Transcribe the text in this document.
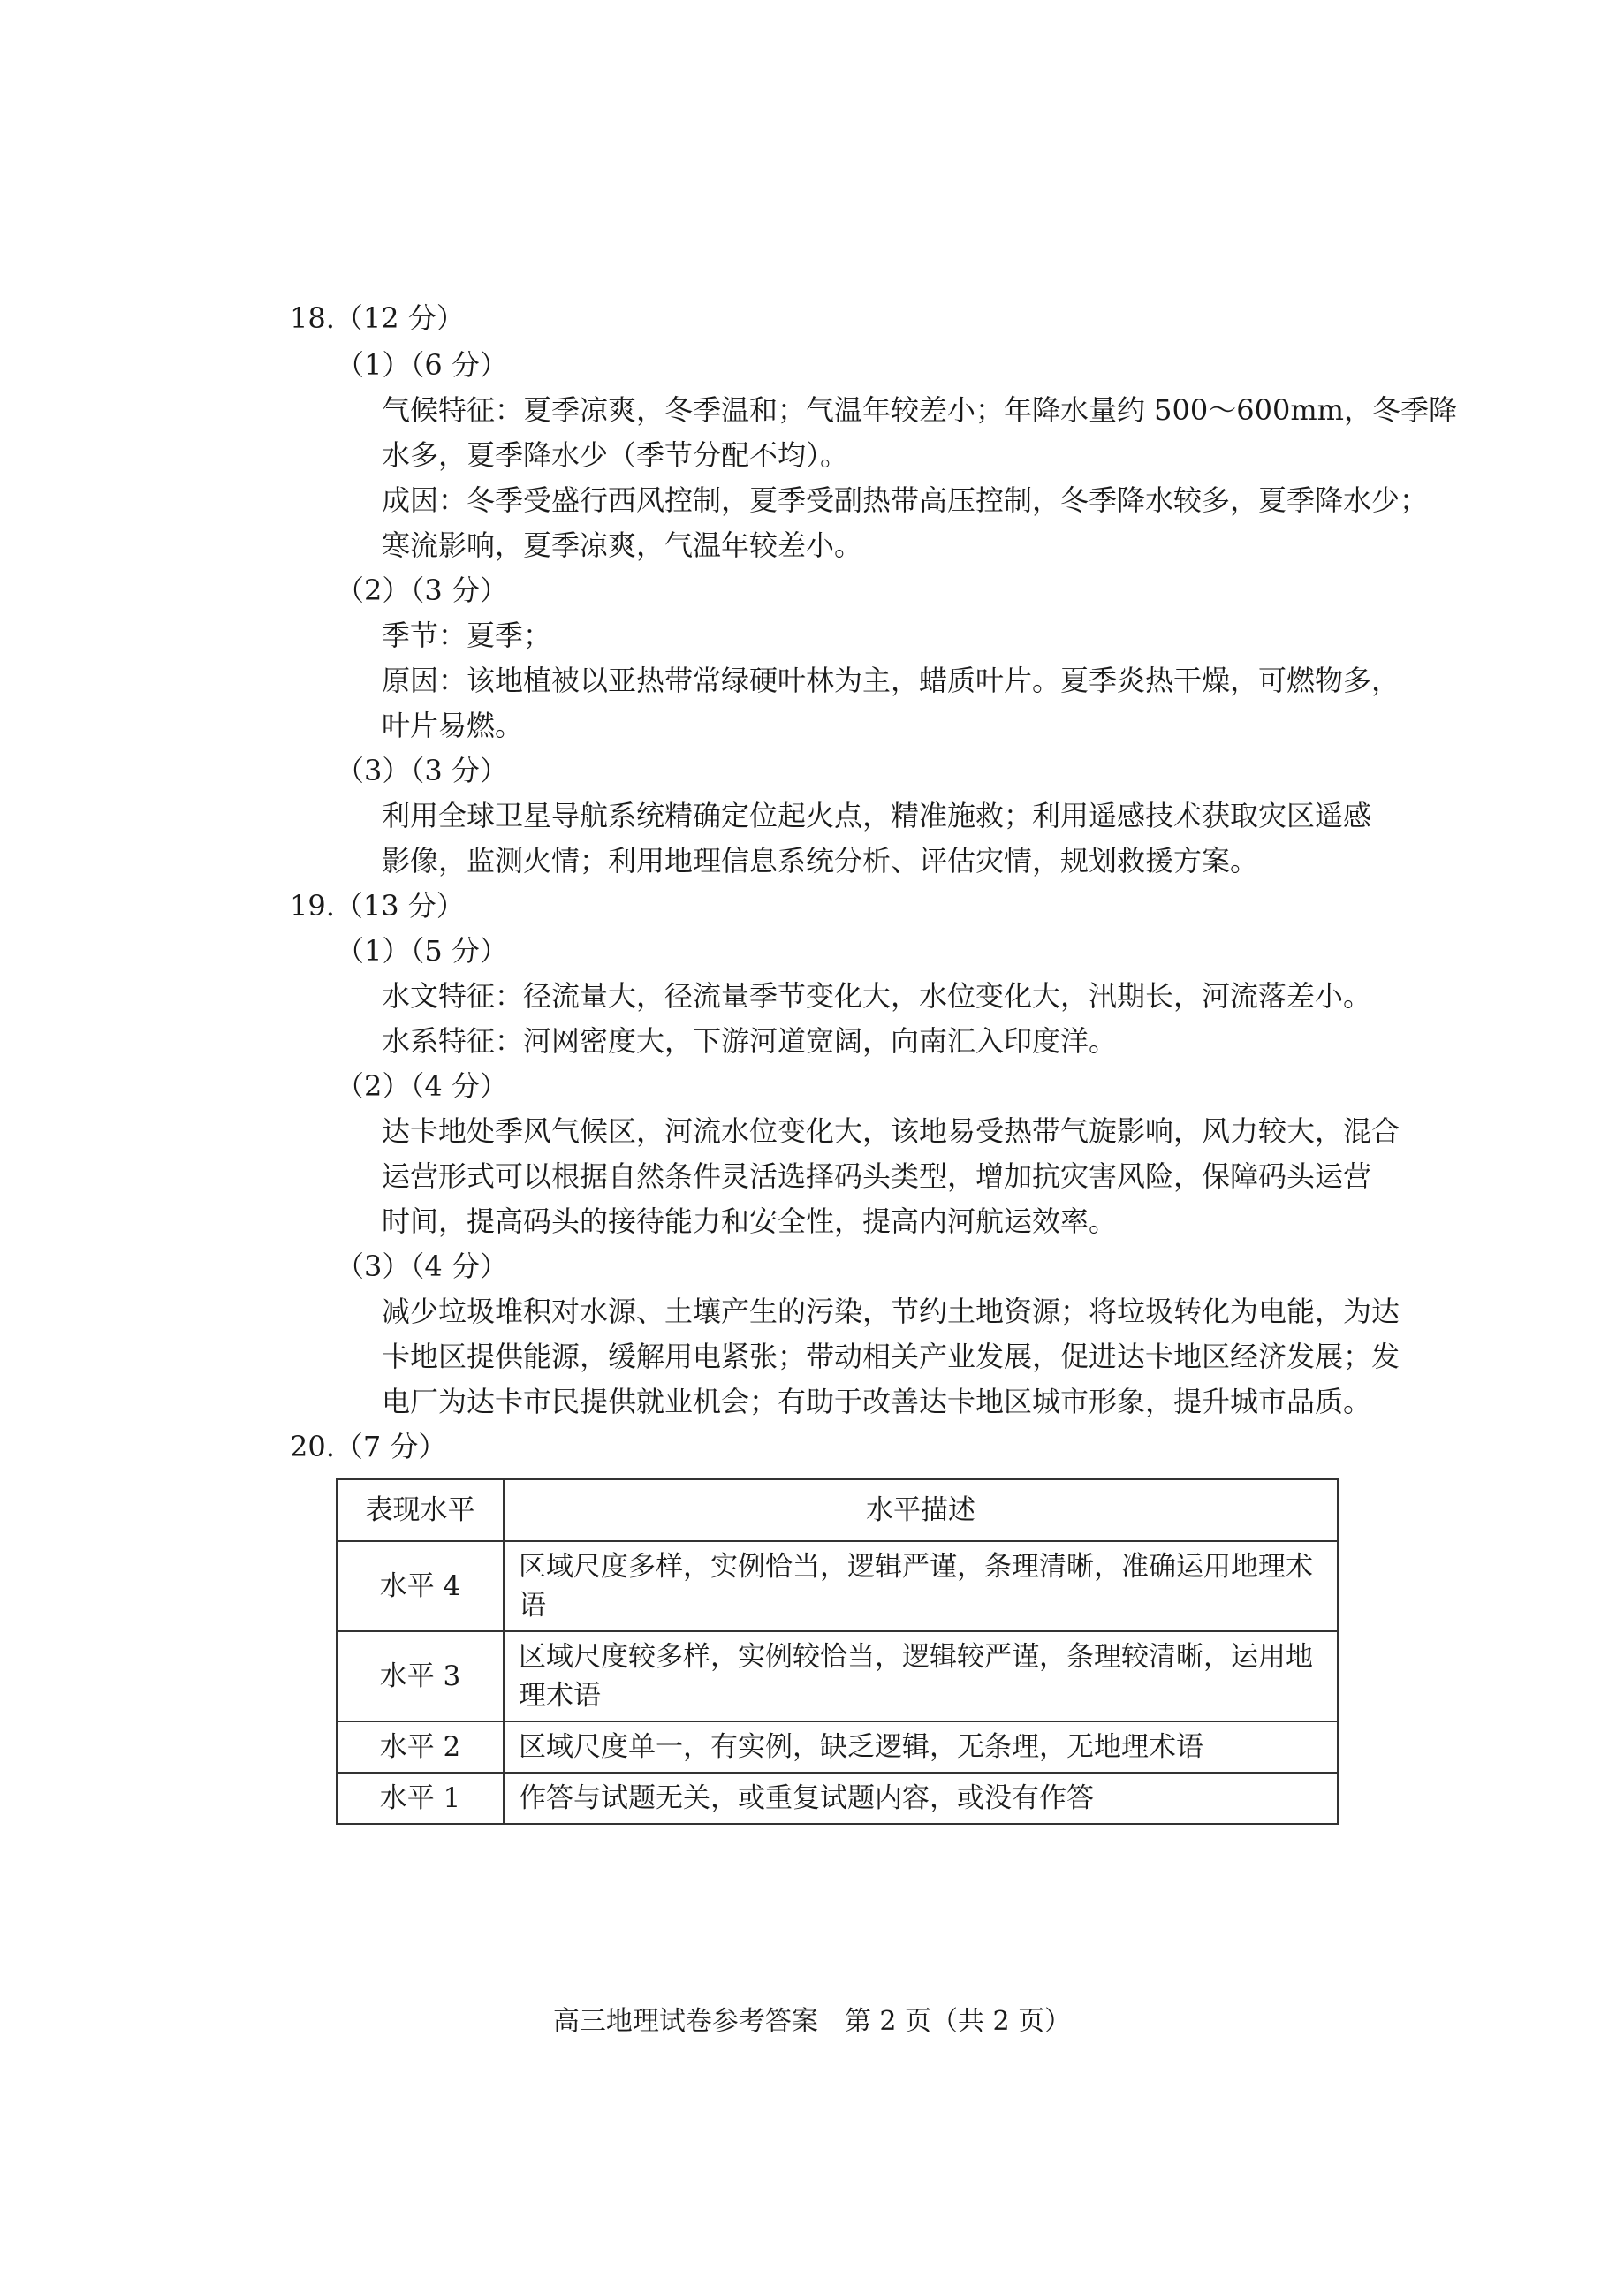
18.（12 分）
（1）（6 分）
气候特征：夏季凉爽，冬季温和；气温年较差小；年降水量约 500～600mm，冬季降
水多，夏季降水少（季节分配不均）。
成因：冬季受盛行西风控制，夏季受副热带高压控制，冬季降水较多，夏季降水少；
寒流影响，夏季凉爽，气温年较差小。
（2）（3 分）
季节：夏季；
原因：该地植被以亚热带常绿硬叶林为主，蜡质叶片。夏季炎热干燥，可燃物多，
叶片易燃。
（3）（3 分）
利用全球卫星导航系统精确定位起火点，精准施救；利用遥感技术获取灾区遥感
影像，监测火情；利用地理信息系统分析、评估灾情，规划救援方案。
19.（13 分）
（1）（5 分）
水文特征：径流量大，径流量季节变化大，水位变化大，汛期长，河流落差小。
水系特征：河网密度大，下游河道宽阔，向南汇入印度洋。
（2）（4 分）
达卡地处季风气候区，河流水位变化大，该地易受热带气旋影响，风力较大，混合
运营形式可以根据自然条件灵活选择码头类型，增加抗灾害风险，保障码头运营
时间，提高码头的接待能力和安全性，提高内河航运效率。
（3）（4 分）
减少垃圾堆积对水源、土壤产生的污染，节约土地资源；将垃圾转化为电能，为达
卡地区提供能源，缓解用电紧张；带动相关产业发展，促进达卡地区经济发展；发
电厂为达卡市民提供就业机会；有助于改善达卡地区城市形象，提升城市品质。
20.（7 分）
表现水平	水平描述
水平 4	区域尺度多样，实例恰当，逻辑严谨，条理清晰，准确运用地理术语
水平 3	区域尺度较多样，实例较恰当，逻辑较严谨，条理较清晰，运用地理术语
水平 2	区域尺度单一，有实例，缺乏逻辑，无条理，无地理术语
水平 1	作答与试题无关，或重复试题内容，或没有作答
高三地理试卷参考答案　第 2 页（共 2 页）
